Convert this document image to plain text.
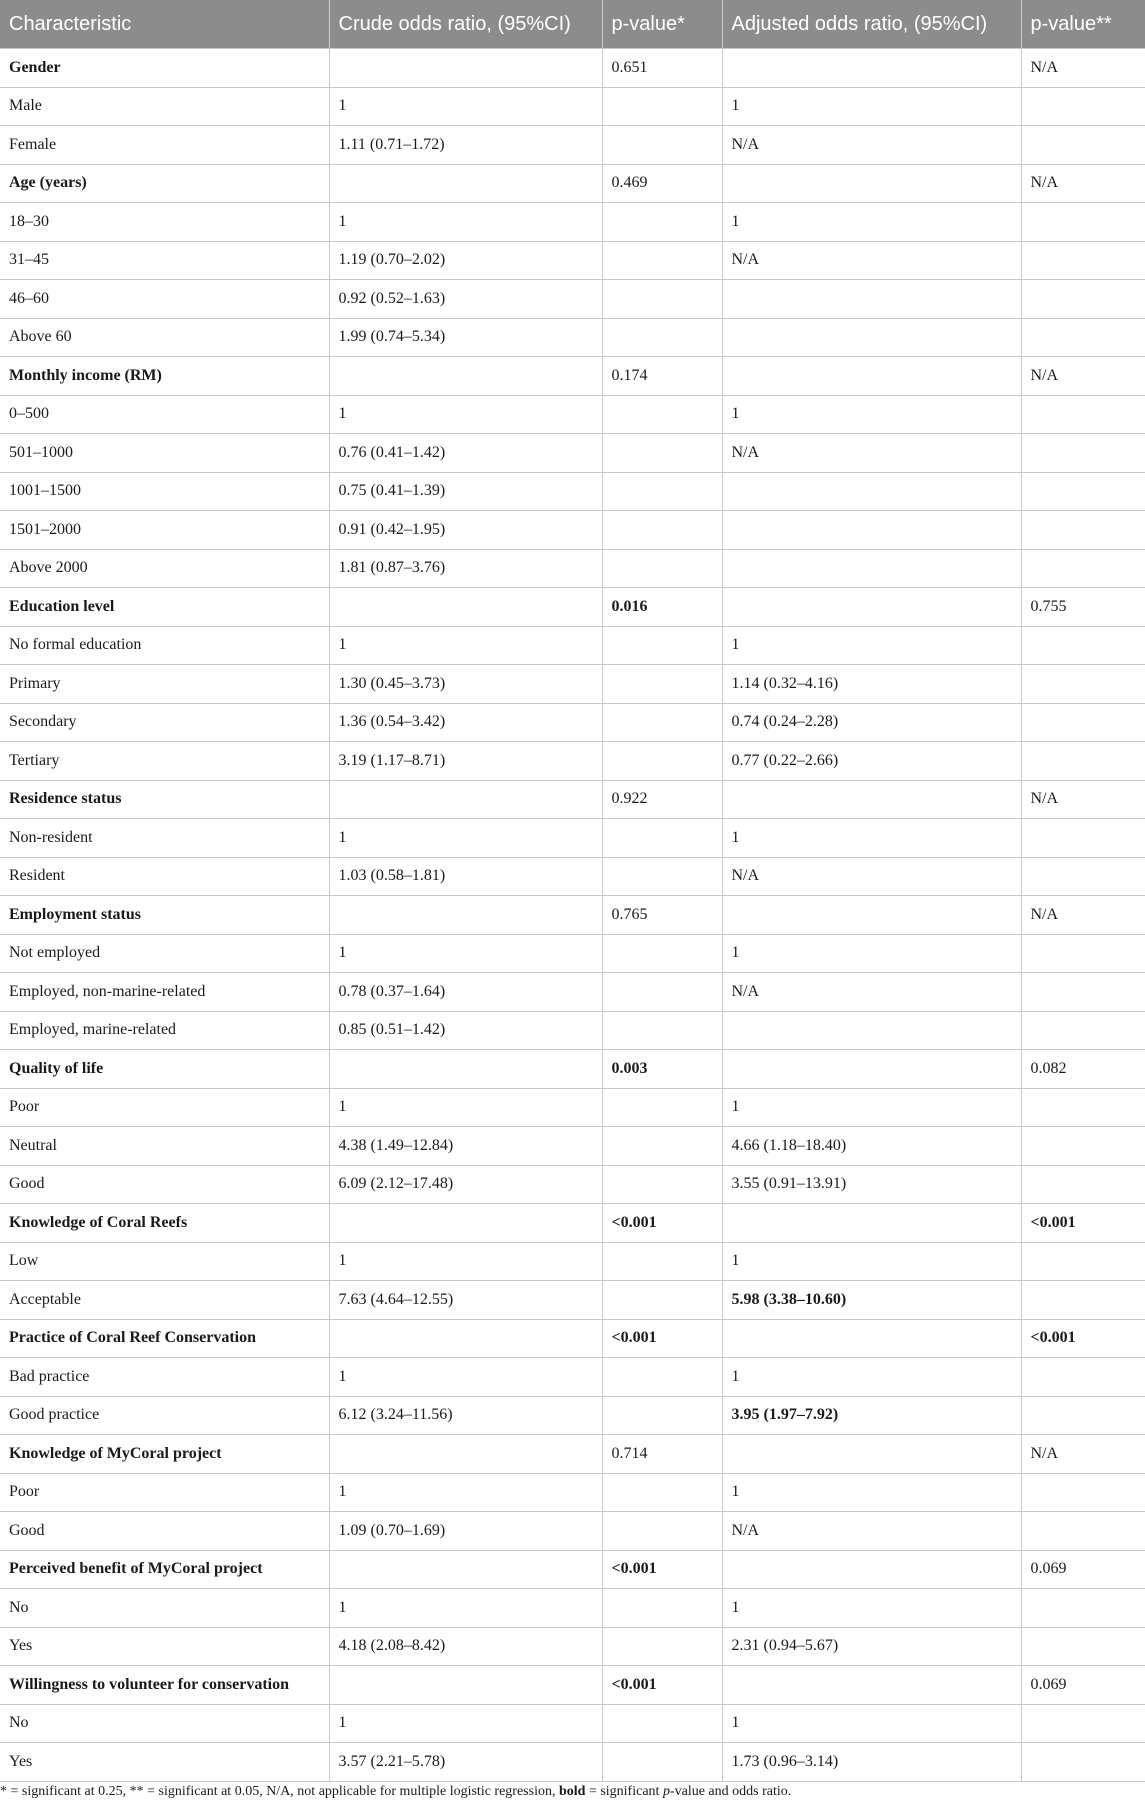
Characteristic	Crude odds ratio, (95%CI)	p-value*	Adjusted odds ratio, (95%CI)	p-value**
Gender		0.651		N/A
Male	1		1	
Female	1.11 (0.71–1.72)		N/A	
Age (years)		0.469		N/A
18–30	1		1	
31–45	1.19 (0.70–2.02)		N/A	
46–60	0.92 (0.52–1.63)			
Above 60	1.99 (0.74–5.34)			
Monthly income (RM)		0.174		N/A
0–500	1		1	
501–1000	0.76 (0.41–1.42)		N/A	
1001–1500	0.75 (0.41–1.39)			
1501–2000	0.91 (0.42–1.95)			
Above 2000	1.81 (0.87–3.76)			
Education level		0.016		0.755
No formal education	1		1	
Primary	1.30 (0.45–3.73)		1.14 (0.32–4.16)	
Secondary	1.36 (0.54–3.42)		0.74 (0.24–2.28)	
Tertiary	3.19 (1.17–8.71)		0.77 (0.22–2.66)	
Residence status		0.922		N/A
Non-resident	1		1	
Resident	1.03 (0.58–1.81)		N/A	
Employment status		0.765		N/A
Not employed	1		1	
Employed, non-marine-related	0.78 (0.37–1.64)		N/A	
Employed, marine-related	0.85 (0.51–1.42)			
Quality of life		0.003		0.082
Poor	1		1	
Neutral	4.38 (1.49–12.84)		4.66 (1.18–18.40)	
Good	6.09 (2.12–17.48)		3.55 (0.91–13.91)	
Knowledge of Coral Reefs		<0.001		<0.001
Low	1		1	
Acceptable	7.63 (4.64–12.55)		5.98 (3.38–10.60)	
Practice of Coral Reef Conservation		<0.001		<0.001
Bad practice	1		1	
Good practice	6.12 (3.24–11.56)		3.95 (1.97–7.92)	
Knowledge of MyCoral project		0.714		N/A
Poor	1		1	
Good	1.09 (0.70–1.69)		N/A	
Perceived benefit of MyCoral project		<0.001		0.069
No	1		1	
Yes	4.18 (2.08–8.42)		2.31 (0.94–5.67)	
Willingness to volunteer for conservation		<0.001		0.069
No	1		1	
Yes	3.57 (2.21–5.78)		1.73 (0.96–3.14)	
* = significant at 0.25, ** = significant at 0.05, N/A, not applicable for multiple logistic regression, bold = significant p-value and odds ratio.
